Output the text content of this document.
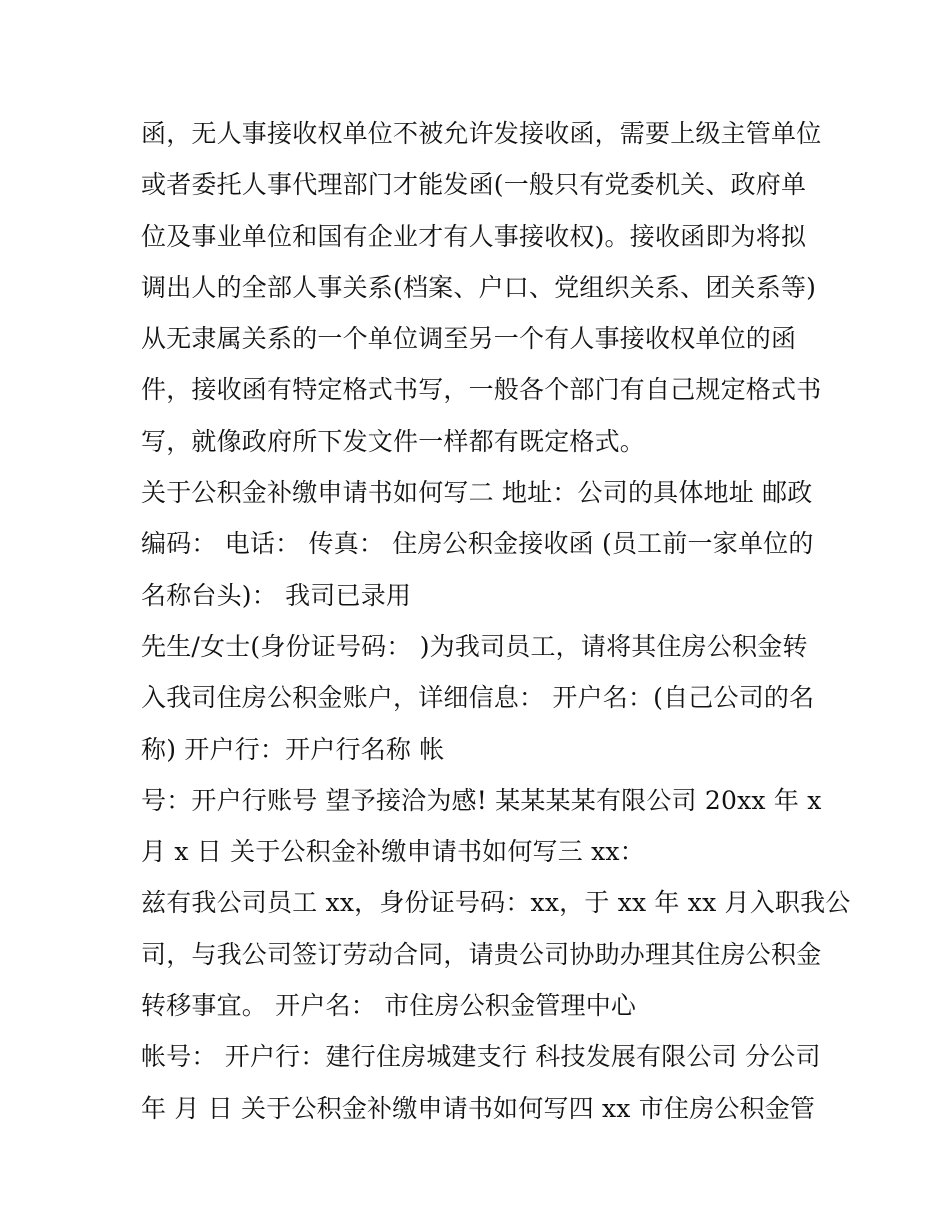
函，无人事接收权单位不被允许发接收函，需要上级主管单位
或者委托人事代理部门才能发函(一般只有党委机关、政府单
位及事业单位和国有企业才有人事接收权)。接收函即为将拟
调出人的全部人事关系(档案、户口、党组织关系、团关系等)
从无隶属关系的一个单位调至另一个有人事接收权单位的函
件，接收函有特定格式书写，一般各个部门有自己规定格式书
写，就像政府所下发文件一样都有既定格式。
关于公积金补缴申请书如何写二 地址：公司的具体地址 邮政
编码： 电话： 传真： 住房公积金接收函 (员工前一家单位的
名称台头)： 我司已录用
先生/女士(身份证号码： )为我司员工，请将其住房公积金转
入我司住房公积金账户，详细信息： 开户名：(自己公司的名
称) 开户行：开户行名称 帐
号：开户行账号 望予接洽为感! 某某某某有限公司 20xx 年 x
月 x 日 关于公积金补缴申请书如何写三 xx：
兹有我公司员工 xx，身份证号码：xx，于 xx 年 xx 月入职我公
司，与我公司签订劳动合同，请贵公司协助办理其住房公积金
转移事宜。 开户名： 市住房公积金管理中心
帐号： 开户行：建行住房城建支行 科技发展有限公司 分公司
年 月 日 关于公积金补缴申请书如何写四 xx 市住房公积金管
